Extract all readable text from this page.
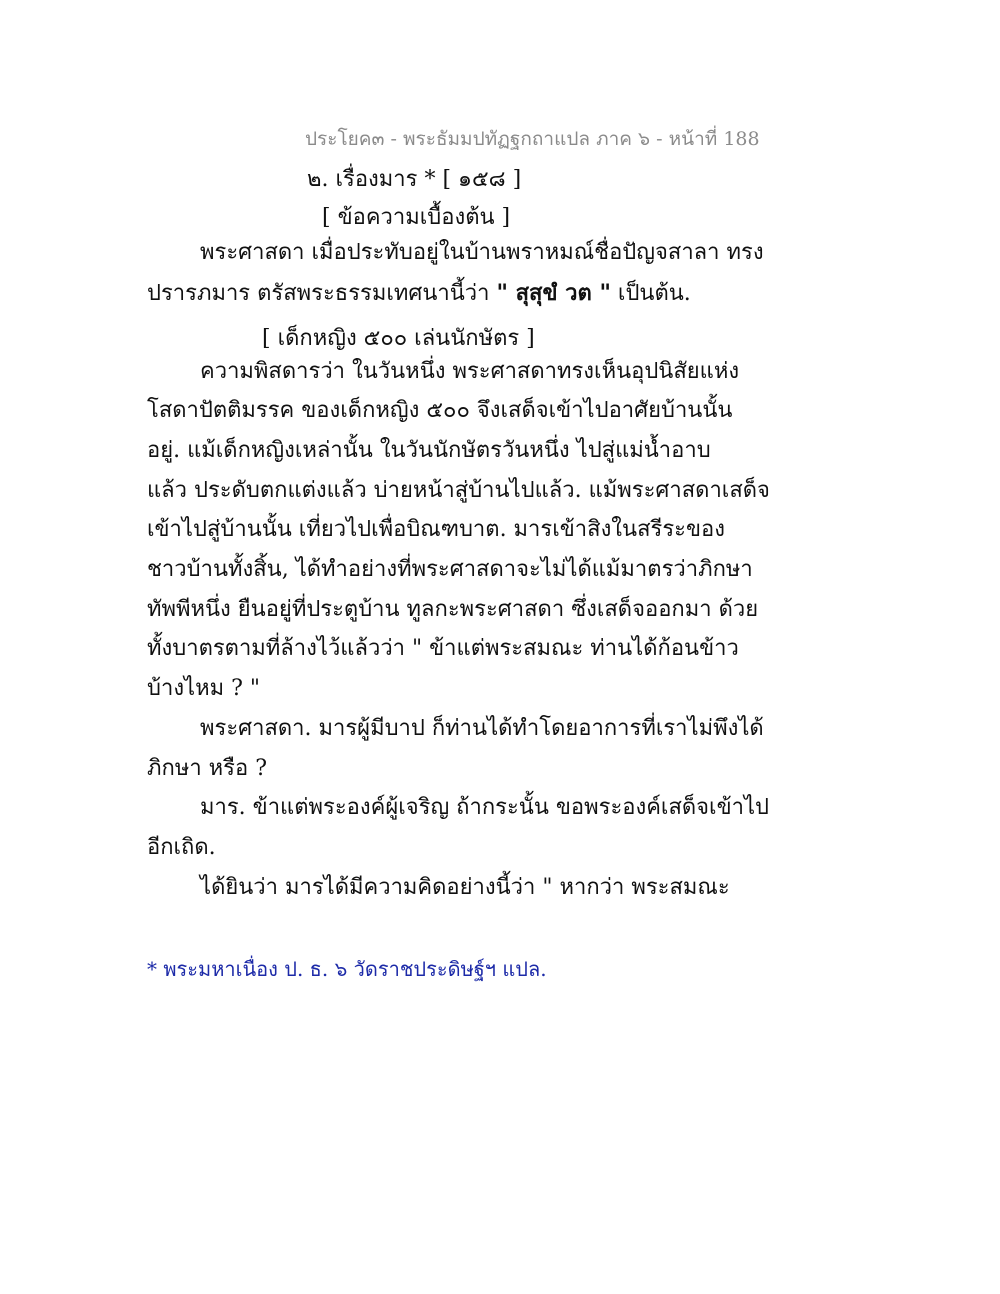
ประโยค๓ - พระธัมมปทัฏฐกถาแปล ภาค ๖ - หน้าที่ 188
๒. เรื่องมาร * [ ๑๕๘ ]
[ ข้อความเบื้องต้น ]
พระศาสดา เมื่อประทับอยู่ในบ้านพราหมณ์ชื่อปัญจสาลา ทรง
ปรารภมาร ตรัสพระธรรมเทศนานี้ว่า " สุสุขํ วต " เป็นต้น.
[ เด็กหญิง ๕๐๐ เล่นนักษัตร ]
ความพิสดารว่า ในวันหนึ่ง พระศาสดาทรงเห็นอุปนิสัยแห่ง
โสดาปัตติมรรค ของเด็กหญิง ๕๐๐ จึงเสด็จเข้าไปอาศัยบ้านนั้น
อยู่. แม้เด็กหญิงเหล่านั้น ในวันนักษัตรวันหนึ่ง ไปสู่แม่น้ำอาบ
แล้ว ประดับตกแต่งแล้ว บ่ายหน้าสู่บ้านไปแล้ว. แม้พระศาสดาเสด็จ
เข้าไปสู่บ้านนั้น เที่ยวไปเพื่อบิณฑบาต. มารเข้าสิงในสรีระของ
ชาวบ้านทั้งสิ้น, ได้ทำอย่างที่พระศาสดาจะไม่ได้แม้มาตรว่าภิกษา
ทัพพีหนึ่ง ยืนอยู่ที่ประตูบ้าน ทูลกะพระศาสดา ซึ่งเสด็จออกมา ด้วย
ทั้งบาตรตามที่ล้างไว้แล้วว่า " ข้าแต่พระสมณะ ท่านได้ก้อนข้าว
บ้างไหม ? "
พระศาสดา. มารผู้มีบาป ก็ท่านได้ทำโดยอาการที่เราไม่พึงได้
ภิกษา หรือ ?
มาร. ข้าแต่พระองค์ผู้เจริญ ถ้ากระนั้น ขอพระองค์เสด็จเข้าไป
อีกเถิด.
ได้ยินว่า มารได้มีความคิดอย่างนี้ว่า " หากว่า พระสมณะ
* พระมหาเนื่อง ป. ธ. ๖ วัดราชประดิษฐ์ฯ แปล.
